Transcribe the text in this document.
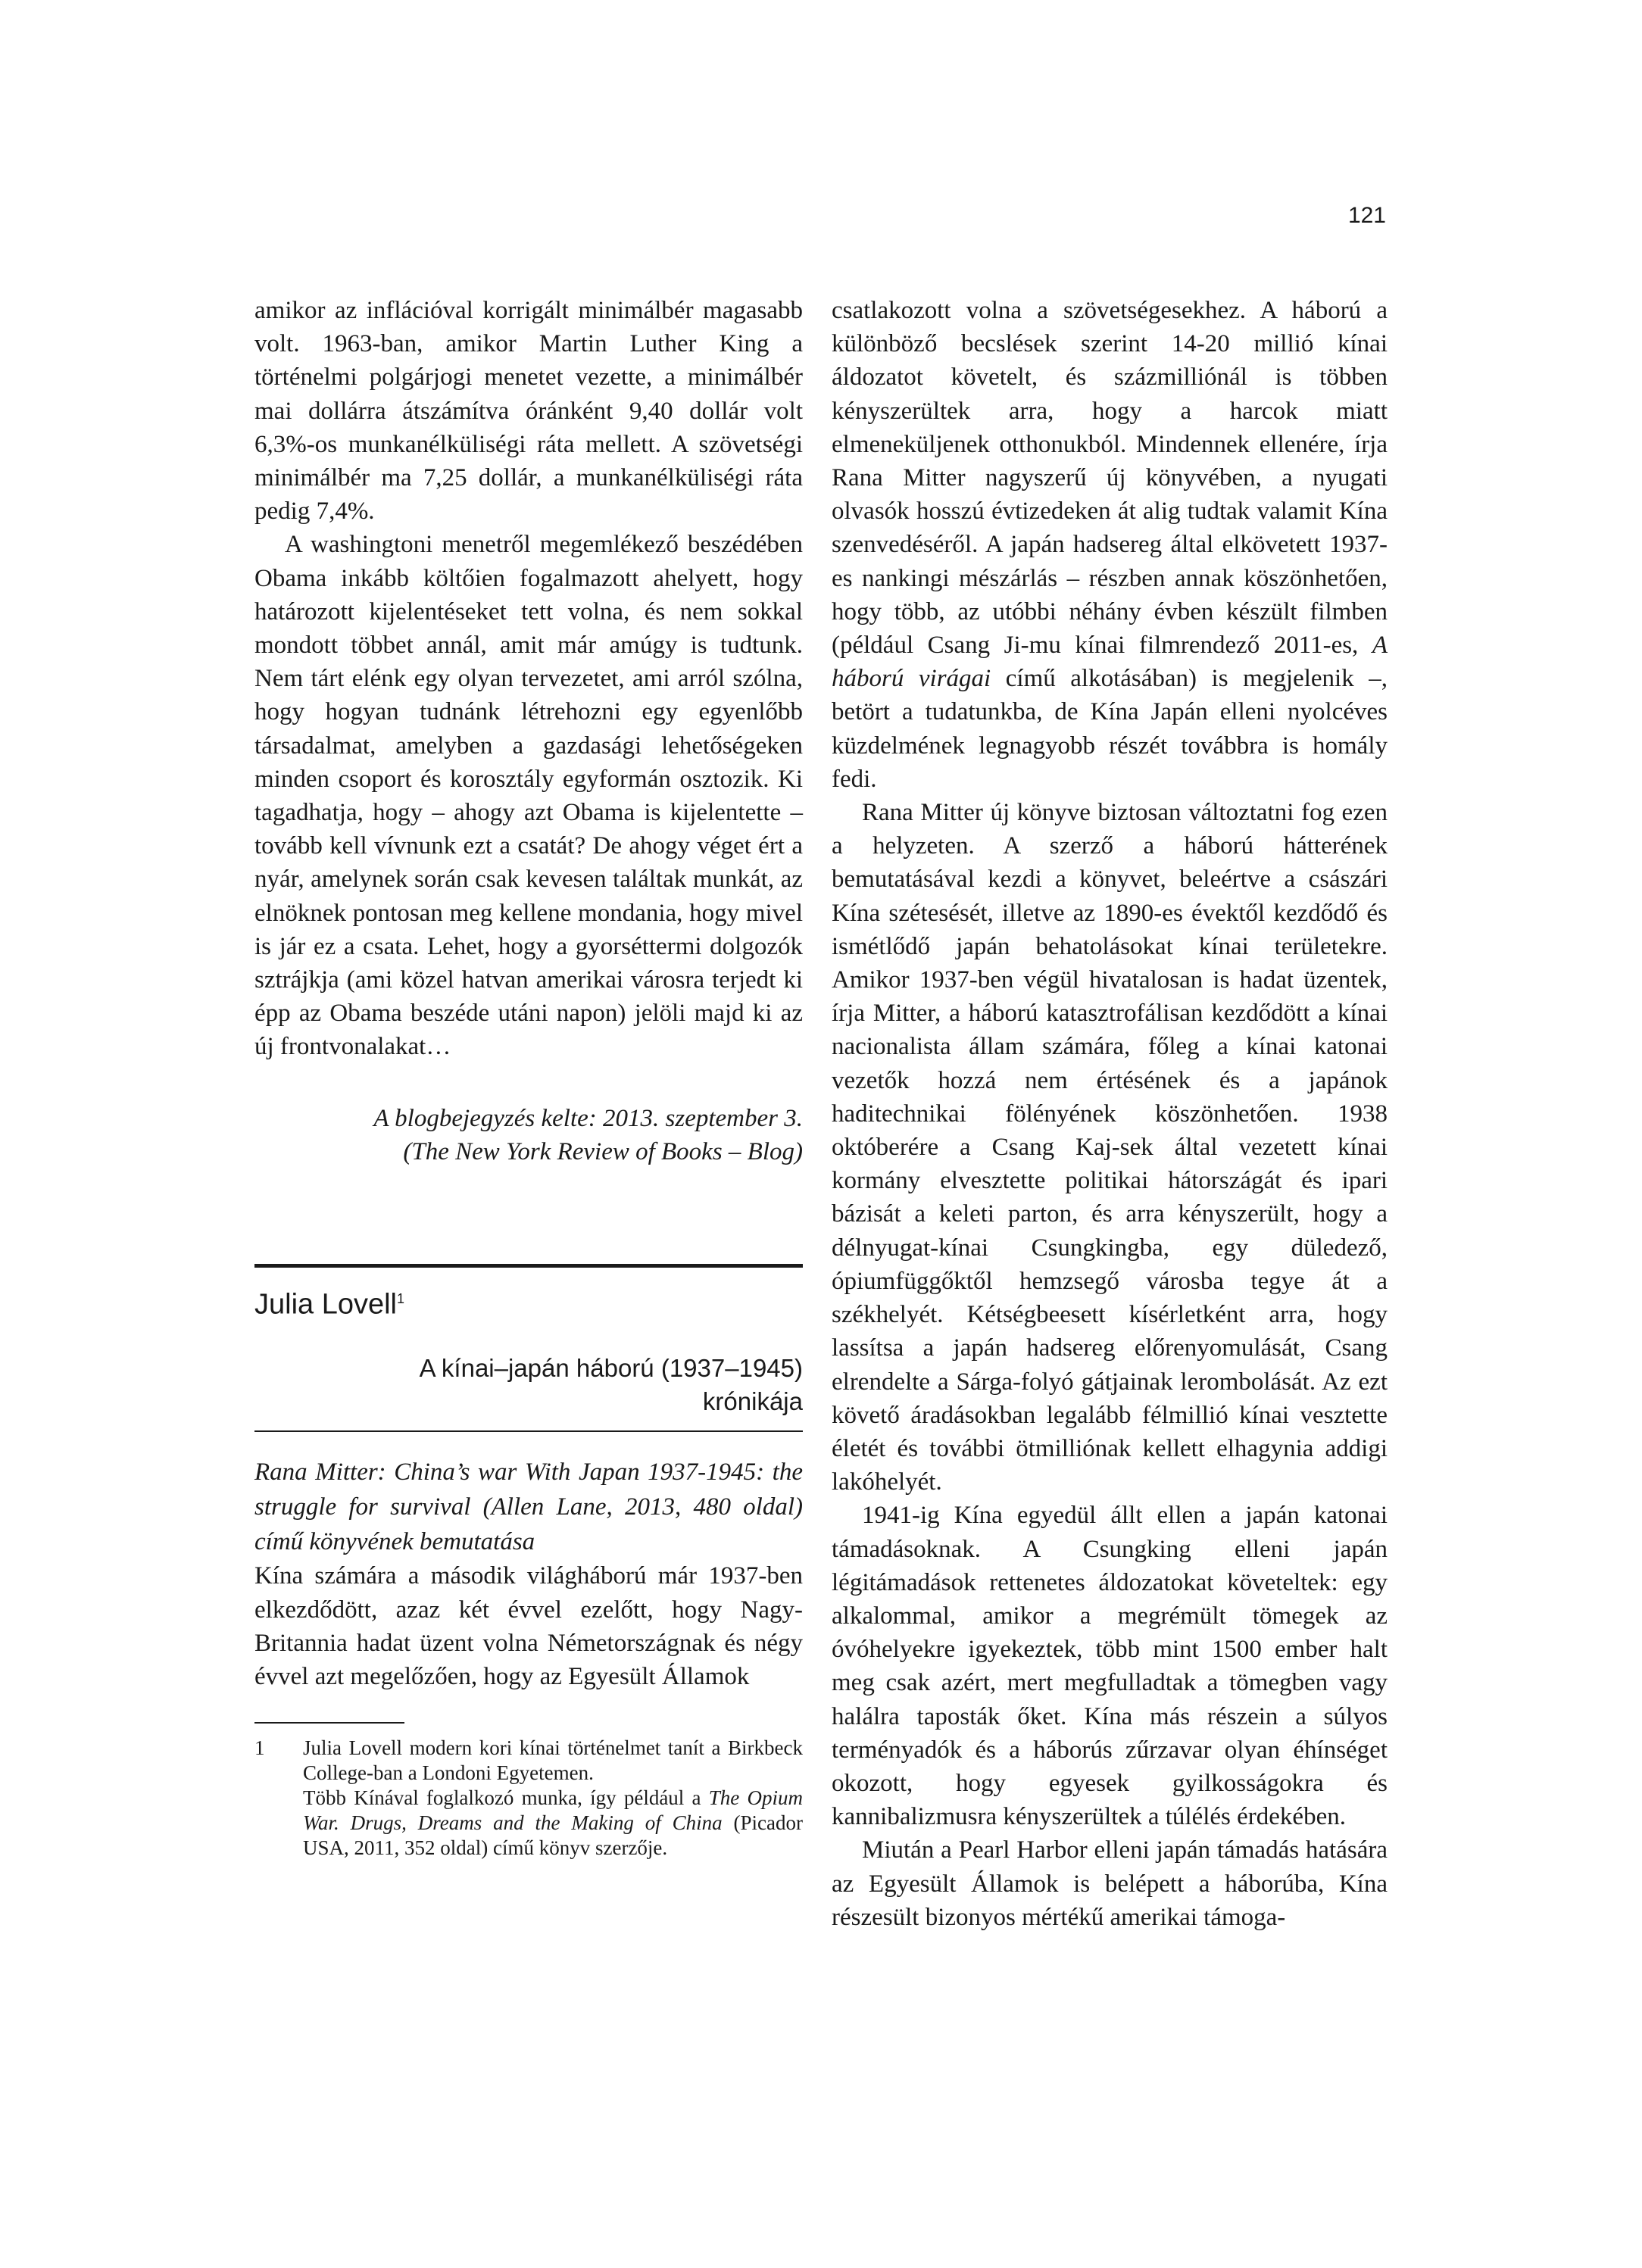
121

amikor az inflációval korrigált minimálbér magasabb volt. 1963-ban, amikor Martin Luther King a történelmi polgárjogi menetet vezette, a minimálbér mai dollárra átszámítva óránként 9,40 dollár volt 6,3%-os munkanélküliségi ráta mellett. A szövetségi minimálbér ma 7,25 dollár, a munkanélküliségi ráta pedig 7,4%.

A washingtoni menetről megemlékező beszédében Obama inkább költőien fogalmazott ahelyett, hogy határozott kijelentéseket tett volna, és nem sokkal mondott többet annál, amit már amúgy is tudtunk. Nem tárt elénk egy olyan tervezetet, ami arról szólna, hogy hogyan tudnánk létrehozni egy egyenlőbb társadalmat, amelyben a gazdasági lehetőségeken minden csoport és korosztály egyformán osztozik. Ki tagadhatja, hogy – ahogy azt Obama is kijelentette – tovább kell vívnunk ezt a csatát? De ahogy véget ért a nyár, amelynek során csak kevesen találtak munkát, az elnöknek pontosan meg kellene mondania, hogy mivel is jár ez a csata. Lehet, hogy a gyorséttermi dolgozók sztrájkja (ami közel hatvan amerikai városra terjedt ki épp az Obama beszéde utáni napon) jelöli majd ki az új frontvonalakat…

A blogbejegyzés kelte: 2013. szeptember 3.
(The New York Review of Books – Blog)
Julia Lovell$^1$
A kínai–japán háború (1937–1945)
krónikája
Rana Mitter: China’s war With Japan 1937-1945: the struggle for survival (Allen Lane, 2013, 480 oldal) című könyvének bemutatása

Kína számára a második világháború már 1937-ben elkezdődött, azaz két évvel ezelőtt, hogy Nagy-Britannia hadat üzent volna Németországnak és négy évvel azt megelőzően, hogy az Egyesült Államok

1	Julia Lovell modern kori kínai történelmet tanít a Birkbeck College-ban a Londoni Egyetemen.
Több Kínával foglalkozó munka, így például a The Opium War. Drugs, Dreams and the Making of China (Picador USA, 2011, 352 oldal) című könyv szerzője.

csatlakozott volna a szövetségesekhez. A háború a különböző becslések szerint 14-20 millió kínai áldozatot követelt, és százmilliónál is többen kényszerültek arra, hogy a harcok miatt elmenekülјenek otthonukból. Mindennek ellenére, írja Rana Mitter nagyszerű új könyvében, a nyugati olvasók hosszú évtizedeken át alig tudtak valamit Kína szenvedéséről. A japán hadsereg által elkövetett 1937-es nankingi mészárlás – részben annak köszönhetően, hogy több, az utóbbi néhány évben készült filmben (például Csang Ji-mu kínai filmrendező 2011-es, A háború virágai című alkotásában) is megjelenik –, betört a tudatunkba, de Kína Japán elleni nyolcéves küzdelmének legnagyobb részét továbbra is homály fedi.

Rana Mitter új könyve biztosan változtatni fog ezen a helyzeten. A szerző a háború hátterének bemutatásával kezdi a könyvet, beleértve a császári Kína szétesését, illetve az 1890-es évektől kezdődő és ismétlődő japán behatolásokat kínai területekre. Amikor 1937-ben végül hivatalosan is hadat üzentek, írja Mitter, a háború katasztrofálisan kezdődött a kínai nacionalista állam számára, főleg a kínai katonai vezetők hozzá nem értésének és a japánok haditechnikai fölényének köszönhetően. 1938 októberére a Csang Kaj-sek által vezetett kínai kormány elvesztette politikai hátországát és ipari bázisát a keleti parton, és arra kényszerült, hogy a délnyugat-kínai Csungkingba, egy düledező, ópiumfüggőktől hemzsegő városba tegye át a székhelyét. Kétségbeesett kísérletként arra, hogy lassítsa a japán hadsereg előrenyomulását, Csang elrendelte a Sárga-folyó gátjainak lerombolását. Az ezt követő áradásokban legalább félmillió kínai vesztette életét és további ötmilliónak kellett elhagynia addigi lakóhelyét.

1941-ig Kína egyedül állt ellen a japán katonai támadásoknak. A Csungking elleni japán légitámadások rettenetes áldozatokat követeltek: egy alkalommal, amikor a megrémült tömegek az óvóhelyekre igyekeztek, több mint 1500 ember halt meg csak azért, mert megfulladtak a tömegben vagy halálra taposták őket. Kína más részein a súlyos terményadók és a háborús zűrzavar olyan éhínséget okozott, hogy egyesek gyilkosságokra és kannibalizmusra kényszerültek a túlélés érdekében.

Miután a Pearl Harbor elleni japán támadás hatására az Egyesült Államok is belépett a háborúba, Kína részesült bizonyos mértékű amerikai támoga-
